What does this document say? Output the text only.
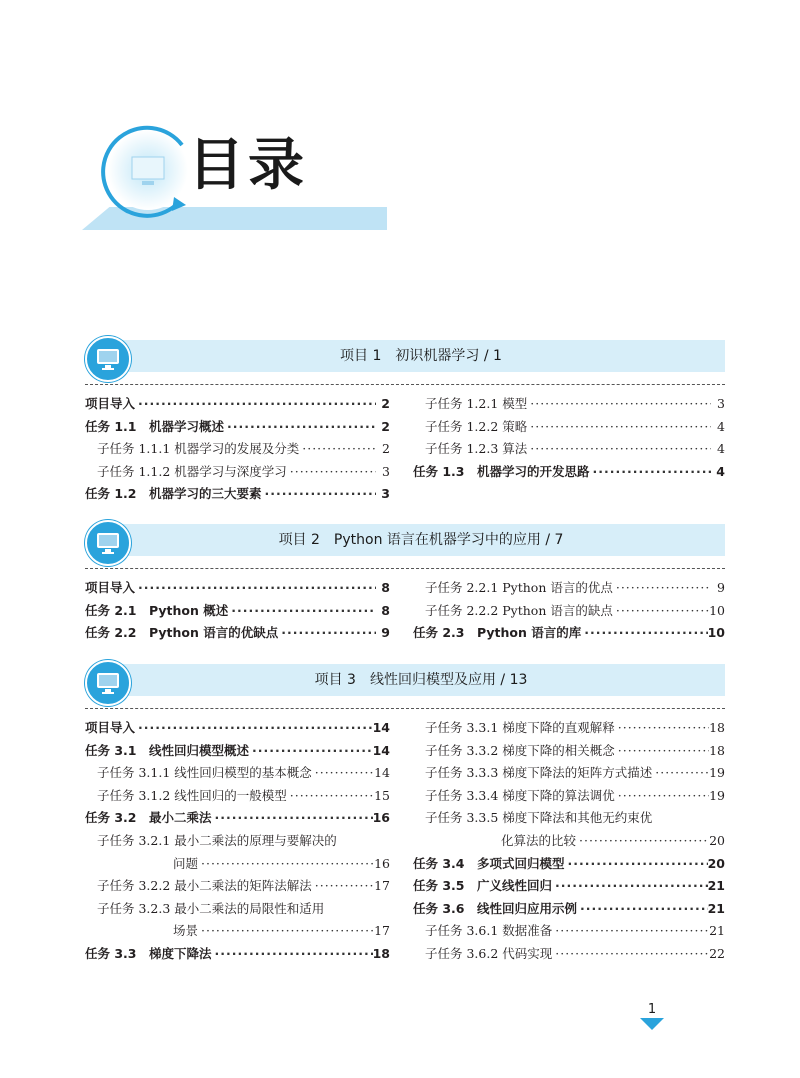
目录
项目 1　初识机器学习 / 1
项目导入 ·····	2
任务 1.1　机器学习概述 ·····	2
子任务 1.1.1 机器学习的发展及分类 ·····	2
子任务 1.1.2 机器学习与深度学习 ·····	3
任务 1.2　机器学习的三大要素 ·····	3
子任务 1.2.1 模型 ·····	3
子任务 1.2.2 策略 ·····	4
子任务 1.2.3 算法 ·····	4
任务 1.3　机器学习的开发思路 ·····	4
项目 2　Python 语言在机器学习中的应用 / 7
项目导入 ·····	8
任务 2.1　Python 概述 ·····	8
任务 2.2　Python 语言的优缺点 ·····	9
子任务 2.2.1 Python 语言的优点 ·····	9
子任务 2.2.2 Python 语言的缺点 ·····	10
任务 2.3　Python 语言的库 ·····	10
项目 3　线性回归模型及应用 / 13
项目导入 ·····	14
任务 3.1　线性回归模型概述 ·····	14
子任务 3.1.1 线性回归模型的基本概念 ·····	14
子任务 3.1.2 线性回归的一般模型 ·····	15
任务 3.2　最小二乘法 ·····	16
子任务 3.2.1 最小二乘法的原理与要解决的
问题 ·····	16
子任务 3.2.2 最小二乘法的矩阵法解法 ·····	17
子任务 3.2.3 最小二乘法的局限性和适用
场景 ·····	17
任务 3.3　梯度下降法 ·····	18
子任务 3.3.1 梯度下降的直观解释 ·····	18
子任务 3.3.2 梯度下降的相关概念 ·····	18
子任务 3.3.3 梯度下降法的矩阵方式描述 ·····	19
子任务 3.3.4 梯度下降的算法调优 ·····	19
子任务 3.3.5 梯度下降法和其他无约束优
化算法的比较 ·····	20
任务 3.4　多项式回归模型 ·····	20
任务 3.5　广义线性回归 ·····	21
任务 3.6　线性回归应用示例 ·····	21
子任务 3.6.1 数据准备 ·····	21
子任务 3.6.2 代码实现 ·····	22
1
